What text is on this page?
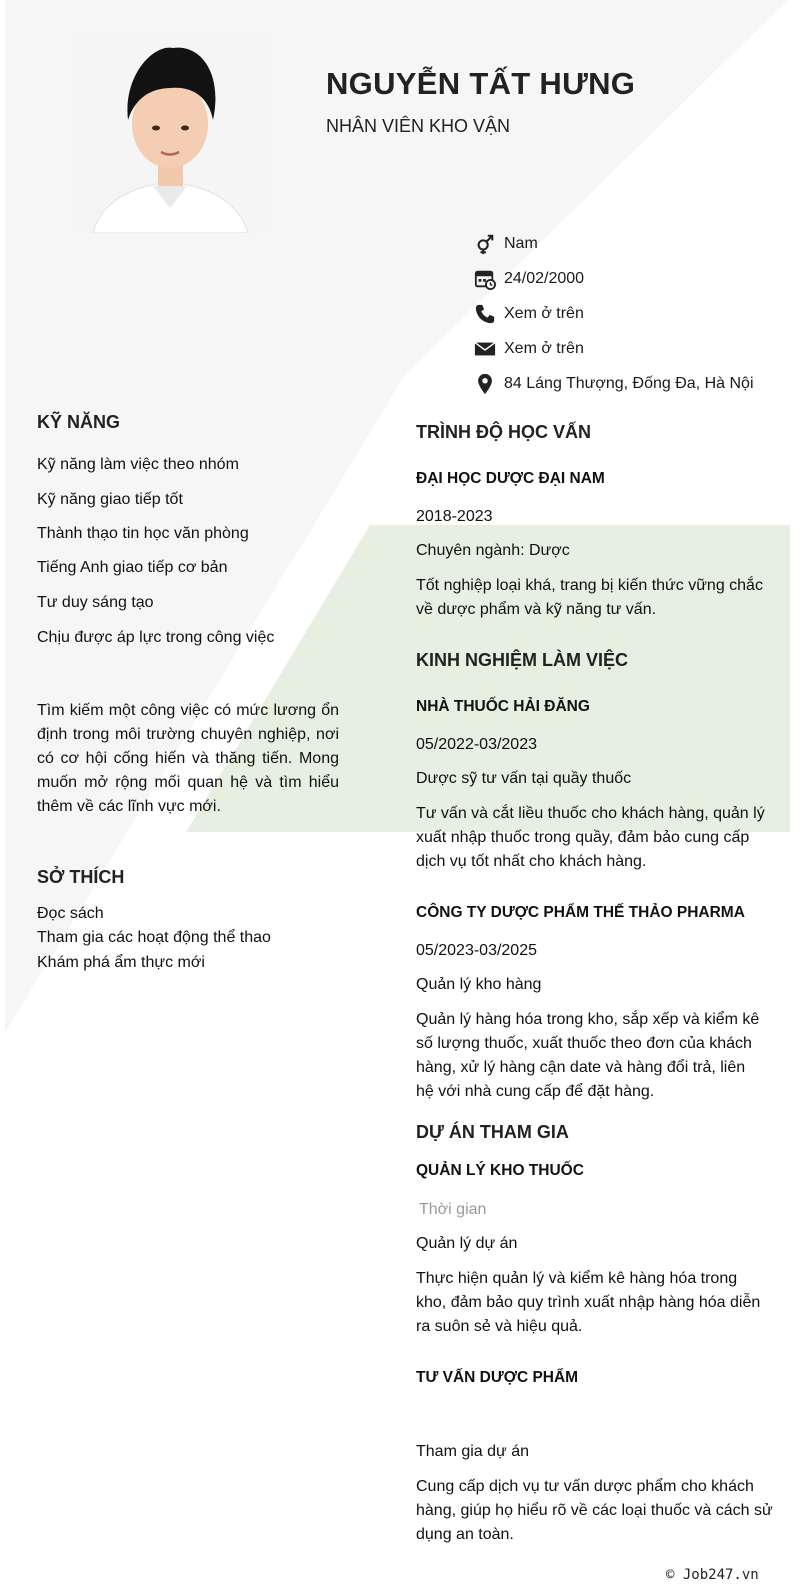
NGUYỄN TẤT HƯNG
NHÂN VIÊN KHO VẬN
Nam
24/02/2000
Xem ở trên
Xem ở trên
84 Láng Thượng, Đống Đa, Hà Nội
KỸ NĂNG
Kỹ năng làm việc theo nhóm
Kỹ năng giao tiếp tốt
Thành thạo tin học văn phòng
Tiếng Anh giao tiếp cơ bản
Tư duy sáng tạo
Chịu được áp lực trong công việc
Tìm kiếm một công việc có mức lương ổn định trong môi trường chuyên nghiệp, nơi có cơ hội cống hiến và thăng tiến. Mong muốn mở rộng mối quan hệ và tìm hiểu thêm về các lĩnh vực mới.
SỞ THÍCH
Đọc sách
Tham gia các hoạt động thể thao
Khám phá ẩm thực mới
TRÌNH ĐỘ HỌC VẤN
ĐẠI HỌC DƯỢC ĐẠI NAM
2018-2023
Chuyên ngành: Dược
Tốt nghiệp loại khá, trang bị kiến thức vững chắc về dược phẩm và kỹ năng tư vấn.
KINH NGHIỆM LÀM VIỆC
NHÀ THUỐC HẢI ĐĂNG
05/2022-03/2023
Dược sỹ tư vấn tại quầy thuốc
Tư vấn và cắt liều thuốc cho khách hàng, quản lý xuất nhập thuốc trong quầy, đảm bảo cung cấp dịch vụ tốt nhất cho khách hàng.
CÔNG TY DƯỢC PHẨM THẾ THẢO PHARMA
05/2023-03/2025
Quản lý kho hàng
Quản lý hàng hóa trong kho, sắp xếp và kiểm kê số lượng thuốc, xuất thuốc theo đơn của khách hàng, xử lý hàng cận date và hàng đổi trả, liên hệ với nhà cung cấp để đặt hàng.
DỰ ÁN THAM GIA
QUẢN LÝ KHO THUỐC
Thời gian
Quản lý dự án
Thực hiện quản lý và kiểm kê hàng hóa trong kho, đảm bảo quy trình xuất nhập hàng hóa diễn ra suôn sẻ và hiệu quả.
TƯ VẤN DƯỢC PHẨM
Tham gia dự án
Cung cấp dịch vụ tư vấn dược phẩm cho khách hàng, giúp họ hiểu rõ về các loại thuốc và cách sử dụng an toàn.
© Job247.vn
